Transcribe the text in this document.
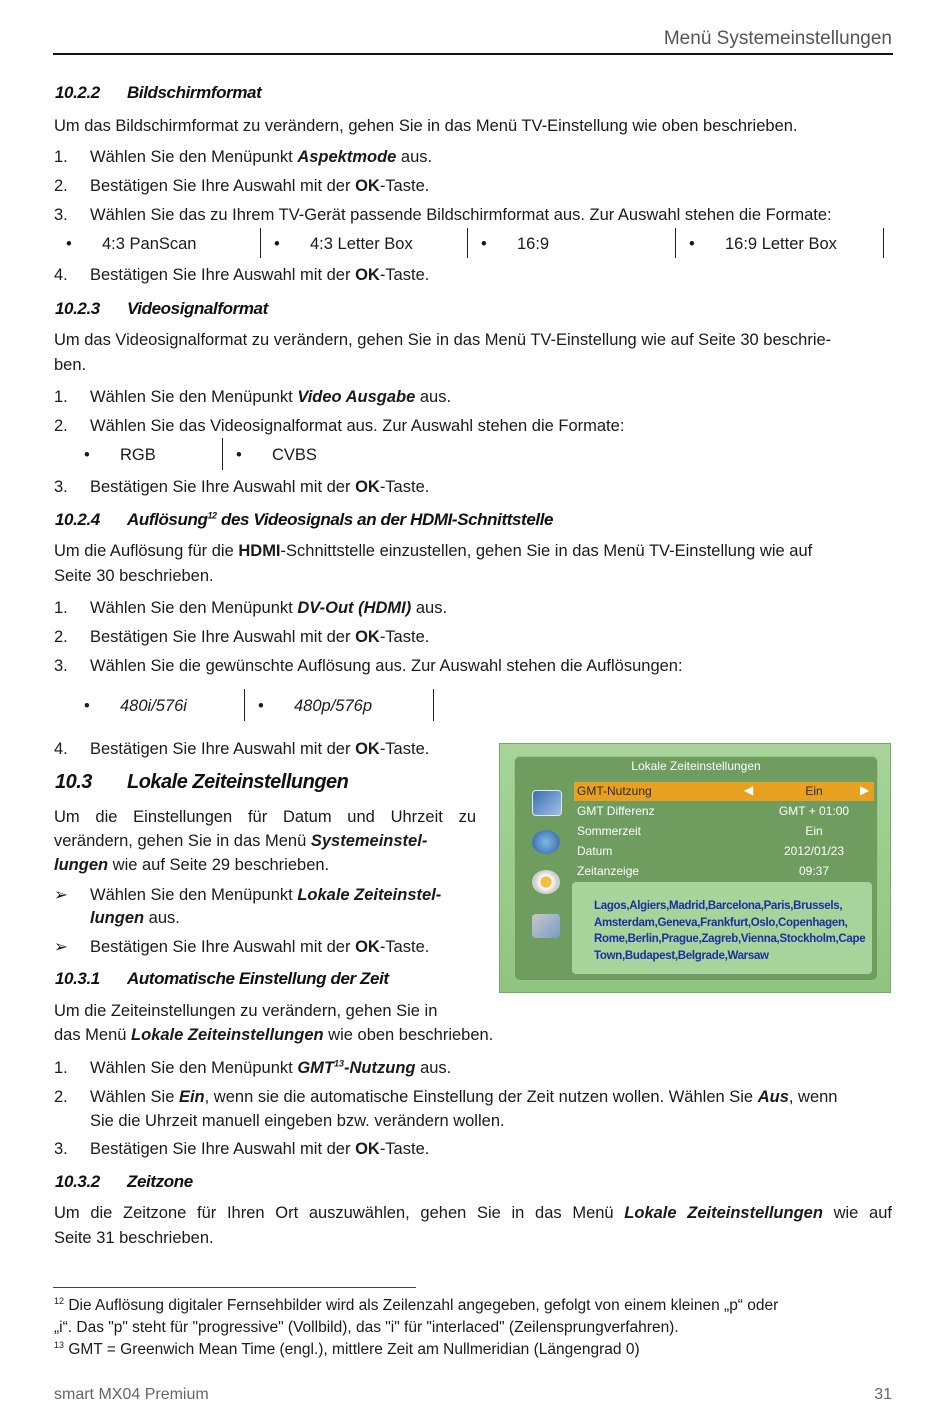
Menü Systemeinstellungen
10.2.2 Bildschirmformat
Um das Bildschirmformat zu verändern, gehen Sie in das Menü TV-Einstellung wie oben beschrieben.
1. Wählen Sie den Menüpunkt Aspektmode aus.
2. Bestätigen Sie Ihre Auswahl mit der OK-Taste.
3. Wählen Sie das zu Ihrem TV-Gerät passende Bildschirmformat aus. Zur Auswahl stehen die Formate:
• 4:3 PanScan	• 4:3 Letter Box	• 16:9	• 16:9 Letter Box
4. Bestätigen Sie Ihre Auswahl mit der OK-Taste.
10.2.3 Videosignalformat
Um das Videosignalformat zu verändern, gehen Sie in das Menü TV-Einstellung wie auf Seite 30 beschrie-
ben.
1. Wählen Sie den Menüpunkt Video Ausgabe aus.
2. Wählen Sie das Videosignalformat aus. Zur Auswahl stehen die Formate:
• RGB	• CVBS
3. Bestätigen Sie Ihre Auswahl mit der OK-Taste.
10.2.4 Auflösung$^{12}$ des Videosignals an der HDMI-Schnittstelle
Um die Auflösung für die HDMI-Schnittstelle einzustellen, gehen Sie in das Menü TV-Einstellung wie auf
Seite 30 beschrieben.
1. Wählen Sie den Menüpunkt DV-Out (HDMI) aus.
2. Bestätigen Sie Ihre Auswahl mit der OK-Taste.
3. Wählen Sie die gewünschte Auflösung aus. Zur Auswahl stehen die Auflösungen:
• 480i/576i	• 480p/576p
4. Bestätigen Sie Ihre Auswahl mit der OK-Taste.
10.3 Lokale Zeiteinstellungen
Um die Einstellungen für Datum und Uhrzeit zu
verändern, gehen Sie in das Menü Systemeinstel-
lungen wie auf Seite 29 beschrieben.
➢ Wählen Sie den Menüpunkt Lokale Zeiteinstel-
lungen aus.
➢ Bestätigen Sie Ihre Auswahl mit der OK-Taste.
Lokale Zeiteinstellungen
GMT-Nutzung	◀	Ein	▶
GMT Differenz	GMT + 01:00
Sommerzeit	Ein
Datum	2012/01/23
Zeitanzeige	09:37
Lagos,Algiers,Madrid,Barcelona,Paris,Brussels, Amsterdam,Geneva,Frankfurt,Oslo,Copenhagen, Rome,Berlin,Prague,Zagreb,Vienna,Stockholm,Cape Town,Budapest,Belgrade,Warsaw
10.3.1 Automatische Einstellung der Zeit
Um die Zeiteinstellungen zu verändern, gehen Sie in
das Menü Lokale Zeiteinstellungen wie oben beschrieben.
1. Wählen Sie den Menüpunkt GMT$^{13}$-Nutzung aus.
2. Wählen Sie Ein, wenn sie die automatische Einstellung der Zeit nutzen wollen. Wählen Sie Aus, wenn
Sie die Uhrzeit manuell eingeben bzw. verändern wollen.
3. Bestätigen Sie Ihre Auswahl mit der OK-Taste.
10.3.2 Zeitzone
Um die Zeitzone für Ihren Ort auszuwählen, gehen Sie in das Menü Lokale Zeiteinstellungen wie auf
Seite 31 beschrieben.
$^{12}$ Die Auflösung digitaler Fernsehbilder wird als Zeilenzahl angegeben, gefolgt von einem kleinen „p“ oder
„i“. Das "p" steht für "progressive" (Vollbild), das "i" für "interlaced" (Zeilensprungverfahren).
$^{13}$ GMT = Greenwich Mean Time (engl.), mittlere Zeit am Nullmeridian (Längengrad 0)
smart MX04 Premium	31
